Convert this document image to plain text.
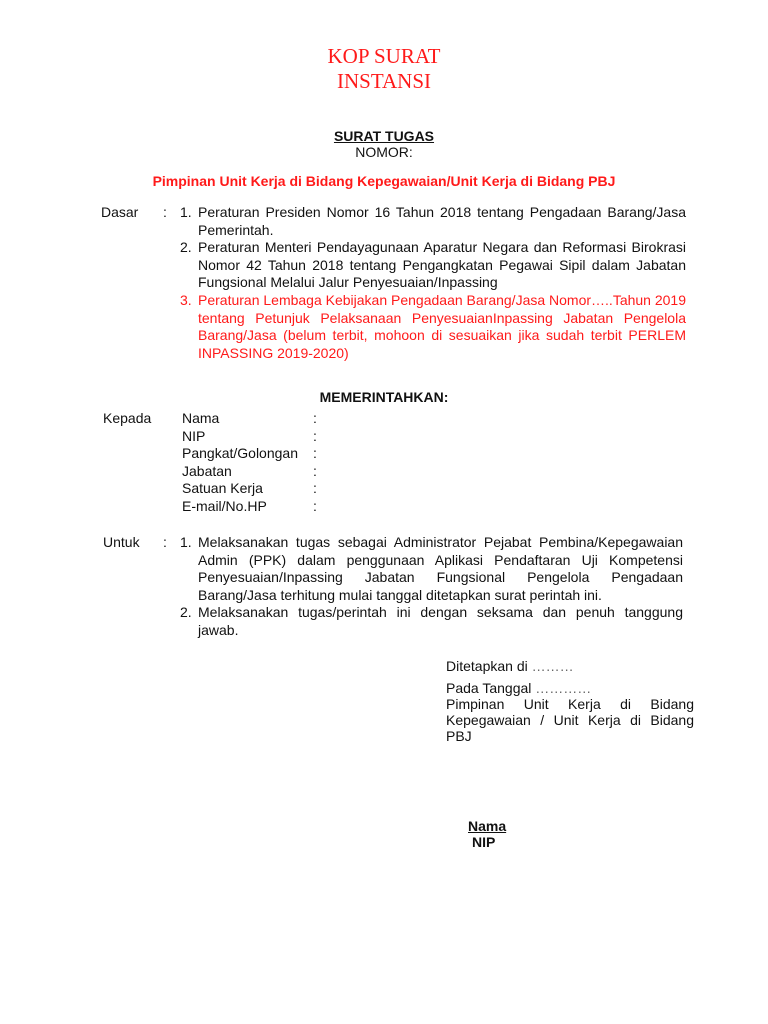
KOP SURAT
INSTANSI
SURAT TUGAS
NOMOR:
Pimpinan Unit Kerja di Bidang Kepegawaian/Unit Kerja di Bidang PBJ
Dasar : 1. Peraturan Presiden Nomor 16 Tahun 2018 tentang Pengadaan Barang/Jasa Pemerintah.
2. Peraturan Menteri Pendayagunaan Aparatur Negara dan Reformasi Birokrasi Nomor 42 Tahun 2018 tentang Pengangkatan Pegawai Sipil dalam Jabatan Fungsional Melalui Jalur Penyesuaian/Inpassing
3. Peraturan Lembaga Kebijakan Pengadaan Barang/Jasa Nomor…..Tahun 2019 tentang Petunjuk Pelaksanaan PenyesuaianInpassing Jabatan Pengelola Barang/Jasa (belum terbit, mohoon di sesuaikan jika sudah terbit PERLEM INPASSING 2019-2020)
MEMERINTAHKAN:
Kepada Nama	:
NIP	:
Pangkat/Golongan :
Jabatan	:
Satuan Kerja	:
E-mail/No.HP	:
Untuk : 1. Melaksanakan tugas sebagai Administrator Pejabat Pembina/Kepegawaian Admin (PPK) dalam penggunaan Aplikasi Pendaftaran Uji Kompetensi Penyesuaian/Inpassing Jabatan Fungsional Pengelola Pengadaan Barang/Jasa terhitung mulai tanggal ditetapkan surat perintah ini.
2. Melaksanakan tugas/perintah ini dengan seksama dan penuh tanggung jawab.
Ditetapkan di ………
Pada Tanggal …………
Pimpinan Unit Kerja di Bidang Kepegawaian / Unit Kerja di Bidang PBJ
Nama
NIP
